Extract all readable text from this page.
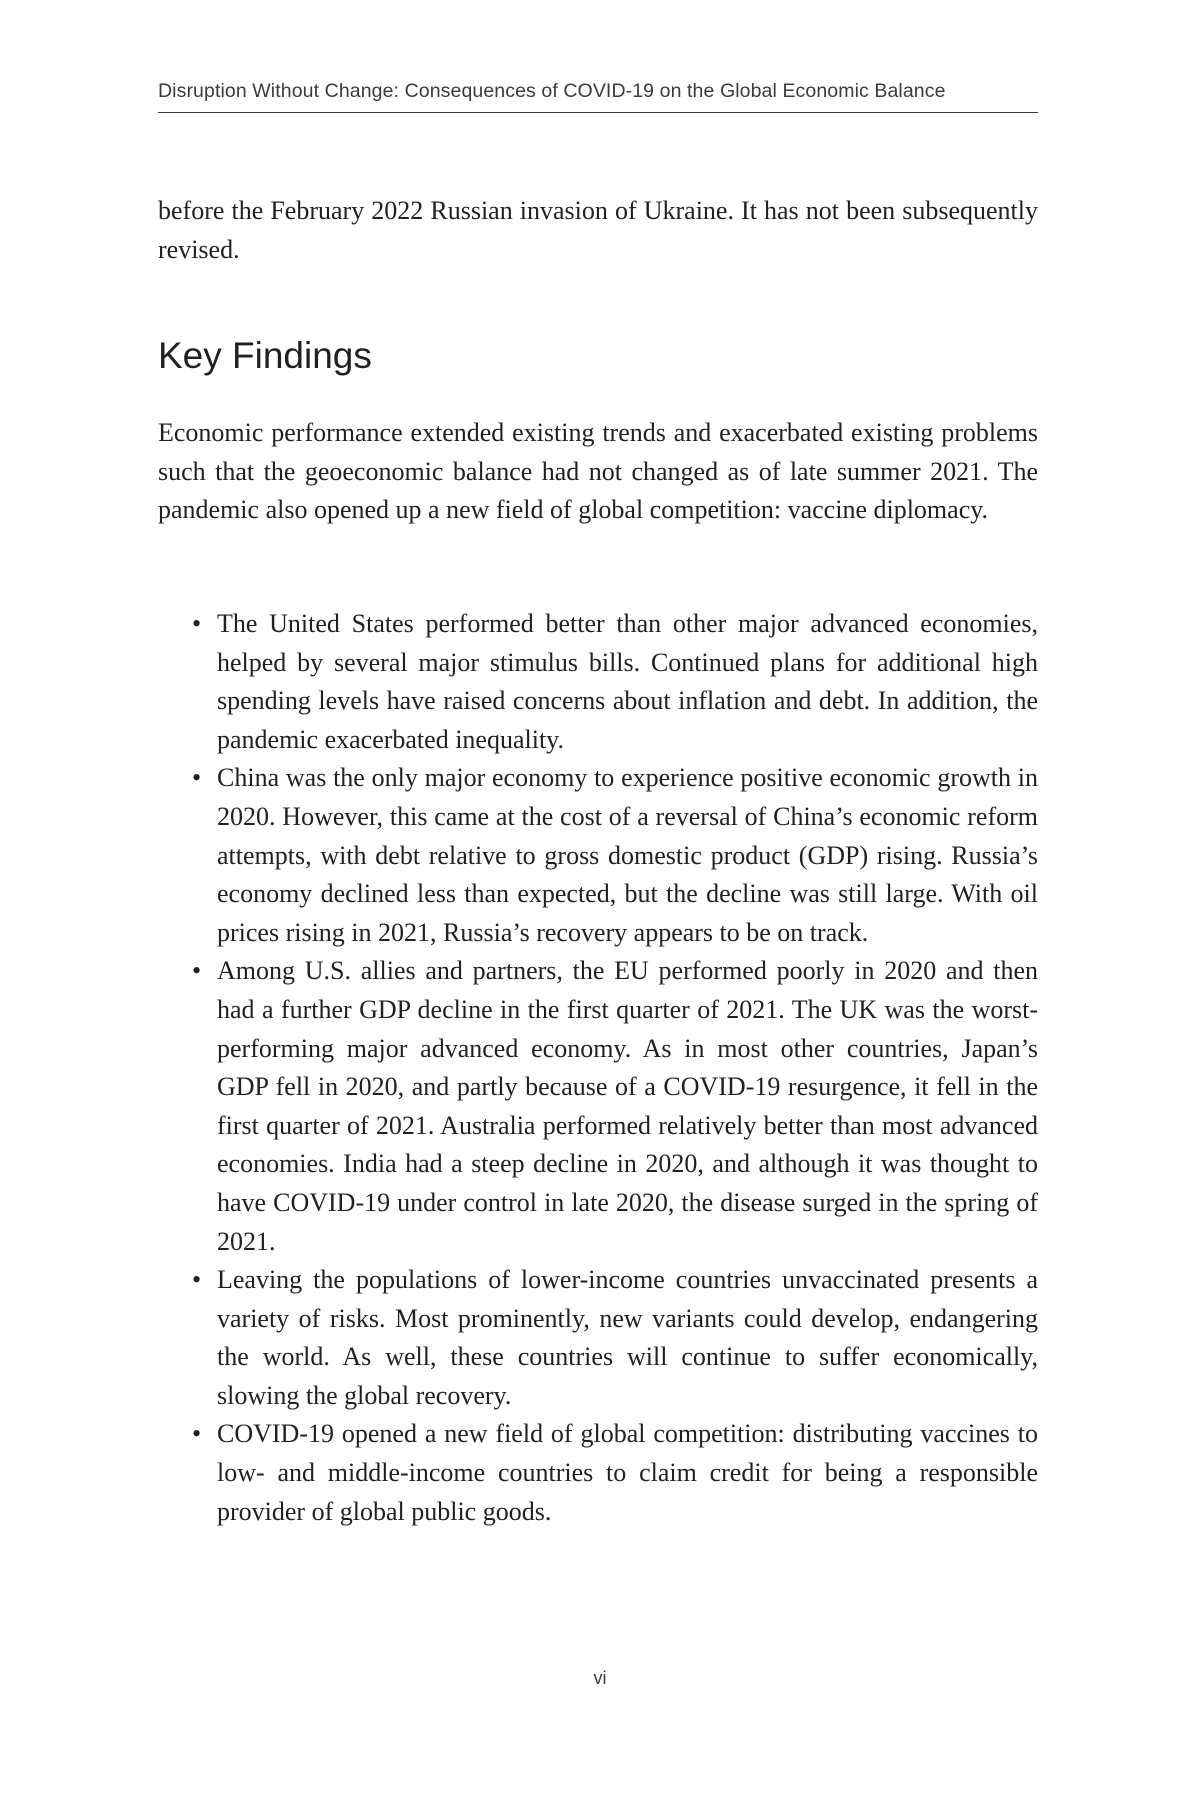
Disruption Without Change: Consequences of COVID-19 on the Global Economic Balance

before the February 2022 Russian invasion of Ukraine. It has not been subsequently revised.

Key Findings

Economic performance extended existing trends and exacerbated existing problems such that the geoeconomic balance had not changed as of late summer 2021. The pandemic also opened up a new field of global competition: vaccine diplomacy.

• The United States performed better than other major advanced economies, helped by several major stimulus bills. Continued plans for additional high spending levels have raised concerns about inflation and debt. In addition, the pandemic exacerbated inequality.

• China was the only major economy to experience positive economic growth in 2020. However, this came at the cost of a reversal of China’s economic reform attempts, with debt relative to gross domestic product (GDP) rising. Russia’s economy declined less than expected, but the decline was still large. With oil prices rising in 2021, Russia’s recovery appears to be on track.

• Among U.S. allies and partners, the EU performed poorly in 2020 and then had a further GDP decline in the first quarter of 2021. The UK was the worst-performing major advanced economy. As in most other countries, Japan’s GDP fell in 2020, and partly because of a COVID-19 resurgence, it fell in the first quarter of 2021. Australia performed relatively better than most advanced economies. India had a steep decline in 2020, and although it was thought to have COVID-19 under control in late 2020, the disease surged in the spring of 2021.

• Leaving the populations of lower-income countries unvaccinated presents a variety of risks. Most prominently, new variants could develop, endangering the world. As well, these countries will continue to suffer economically, slowing the global recovery.

• COVID-19 opened a new field of global competition: distributing vaccines to low- and middle-income countries to claim credit for being a responsible provider of global public goods.

vi
